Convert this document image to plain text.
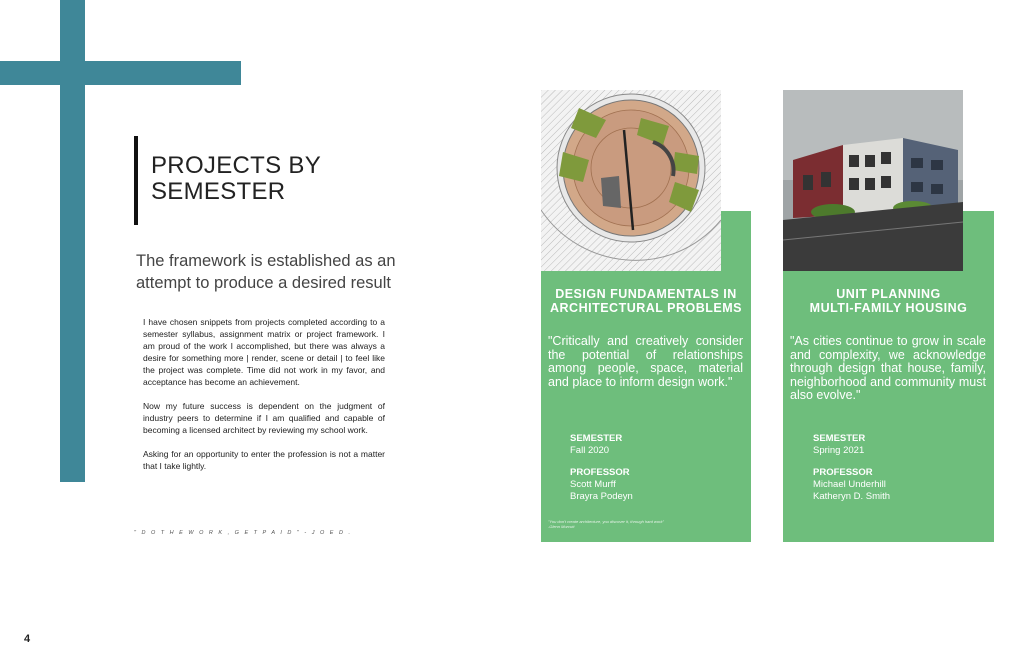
PROJECTS BY
SEMESTER

The framework is established as an attempt to produce a desired result

I have chosen snippets from projects completed according to a semester syllabus, assignment matrix or project framework. I am proud of the work I accomplished, but there was always a desire for something more | render, scene or detail | to feel like the project was complete. Time did not work in my favor, and acceptance has become an achievement.

Now my future success is dependent on the judgment of industry peers to determine if I am qualified and capable of becoming a licensed architect by reviewing my school work.

Asking for an opportunity to enter the profession is not a matter that I take lightly.

" D O T H E W O R K , G E T P A I D " - J O E D .
4
DESIGN FUNDAMENTALS IN
ARCHITECTURAL PROBLEMS
"Critically and creatively consider the potential of relationships among people, space, material and place to inform design work."
SEMESTER
Fall 2020
PROFESSOR
Scott Murff
Brayra Podeyn
"You don't create architecture, you discover it, through hard work"
-Glenn Murcutt
UNIT PLANNING
MULTI-FAMILY HOUSING
"As cities continue to grow in scale and complexity, we acknowledge through design that house, family, neighborhood and community must also evolve."
SEMESTER
Spring 2021
PROFESSOR
Michael Underhill
Katheryn D. Smith
